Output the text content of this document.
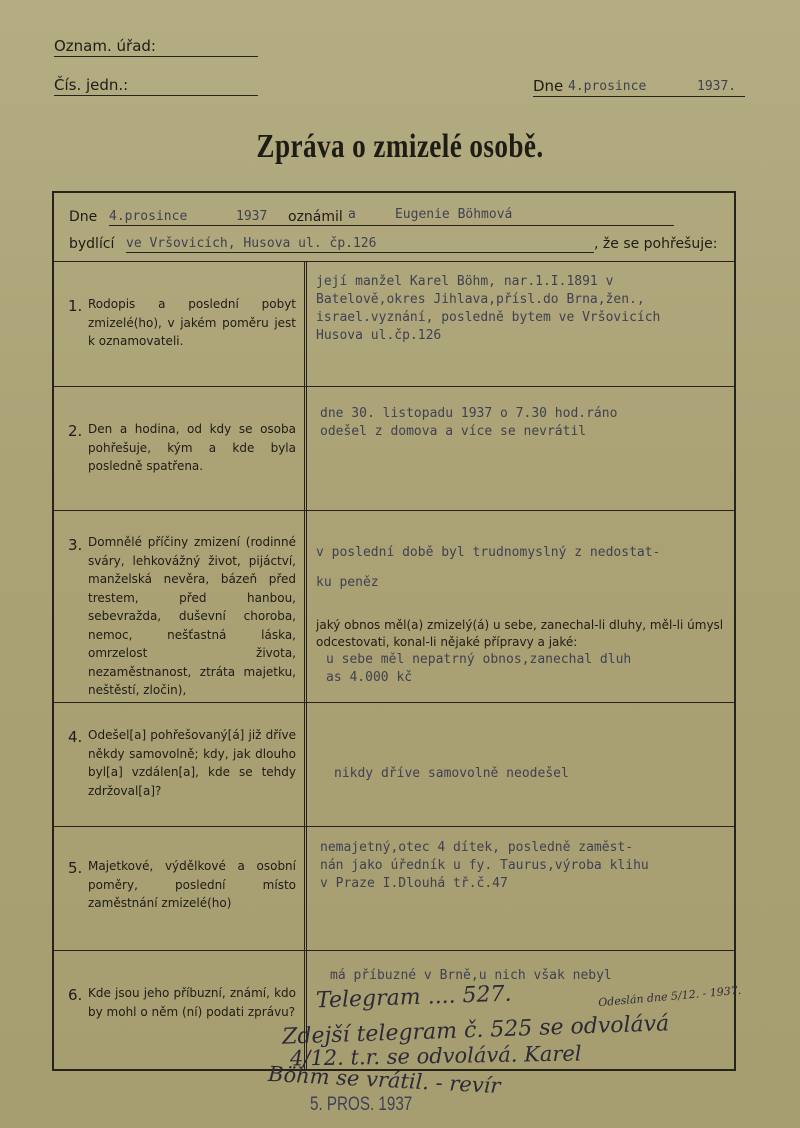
Oznam. úřad:
Čís. jedn.:	Dne 4.prosince	1937.
Zpráva o zmizelé osobě.
Dne 4.prosince	1937 oznámil a     Eugenie Böhmová
bydlící ve Vršovicích, Husova ul. čp.126	, že se pohřešuje:
1. Rodopis a poslední pobyt zmizelé(ho), v jakém poměru jest k oznamovateli.
její manžel Karel Böhm, nar.1.I.1891 v
Batelově,okres Jihlava,přísl.do Brna,žen.,
israel.vyznání, posledně bytem ve Vršovicích
Husova ul.čp.126
2. Den a hodina, od kdy se osoba pohřešuje, kým a kde byla posledně spatřena.
dne 30. listopadu 1937 o 7.30 hod.ráno
odešel z domova a více se nevrátil
3. Domnělé příčiny zmizení (rodinné sváry, lehkovážný život, pijáctví, manželská nevěra, bázeň před trestem, před hanbou, sebevražda, duševní choroba, nemoc, nešťastná láska, omrzelost života, nezaměstnanost, ztráta majetku, neštěstí, zločin),
v poslední době byl trudnomyslný z nedostat-
ku peněz
jaký obnos měl(a) zmizelý(á) u sebe, zanechal-li dluhy, měl-li úmysl odcestovati, konal-li nějaké přípravy a jaké:
u sebe měl nepatrný obnos,zanechal dluh
as 4.000 kč
4. Odešel[a] pohřešovaný[á] již dříve někdy samovolně; kdy, jak dlouho byl[a] vzdálen[a], kde se tehdy zdržoval[a]?
nikdy dříve samovolně neodešel
5. Majetkové, výdělkové a osobní poměry, poslední místo zaměstnání zmizelé(ho)
nemajetný,otec 4 dítek, posledně zaměst-
nán jako úředník u fy. Taurus,výroba klihu
v Praze I.Dlouhá tř.č.47
6. Kde jsou jeho příbuzní, známí, kdo by mohl o něm (ní) podati zprávu?
má příbuzné v Brně,u nich však nebyl
Telegram .... 527.	Odeslán dne 5/12. - 1937.
Zdejší telegram č. 525 se odvolává
4/12. t.r. se odvolává. Karel
Böhm se vrátil. - revír
5. PROS. 1937
